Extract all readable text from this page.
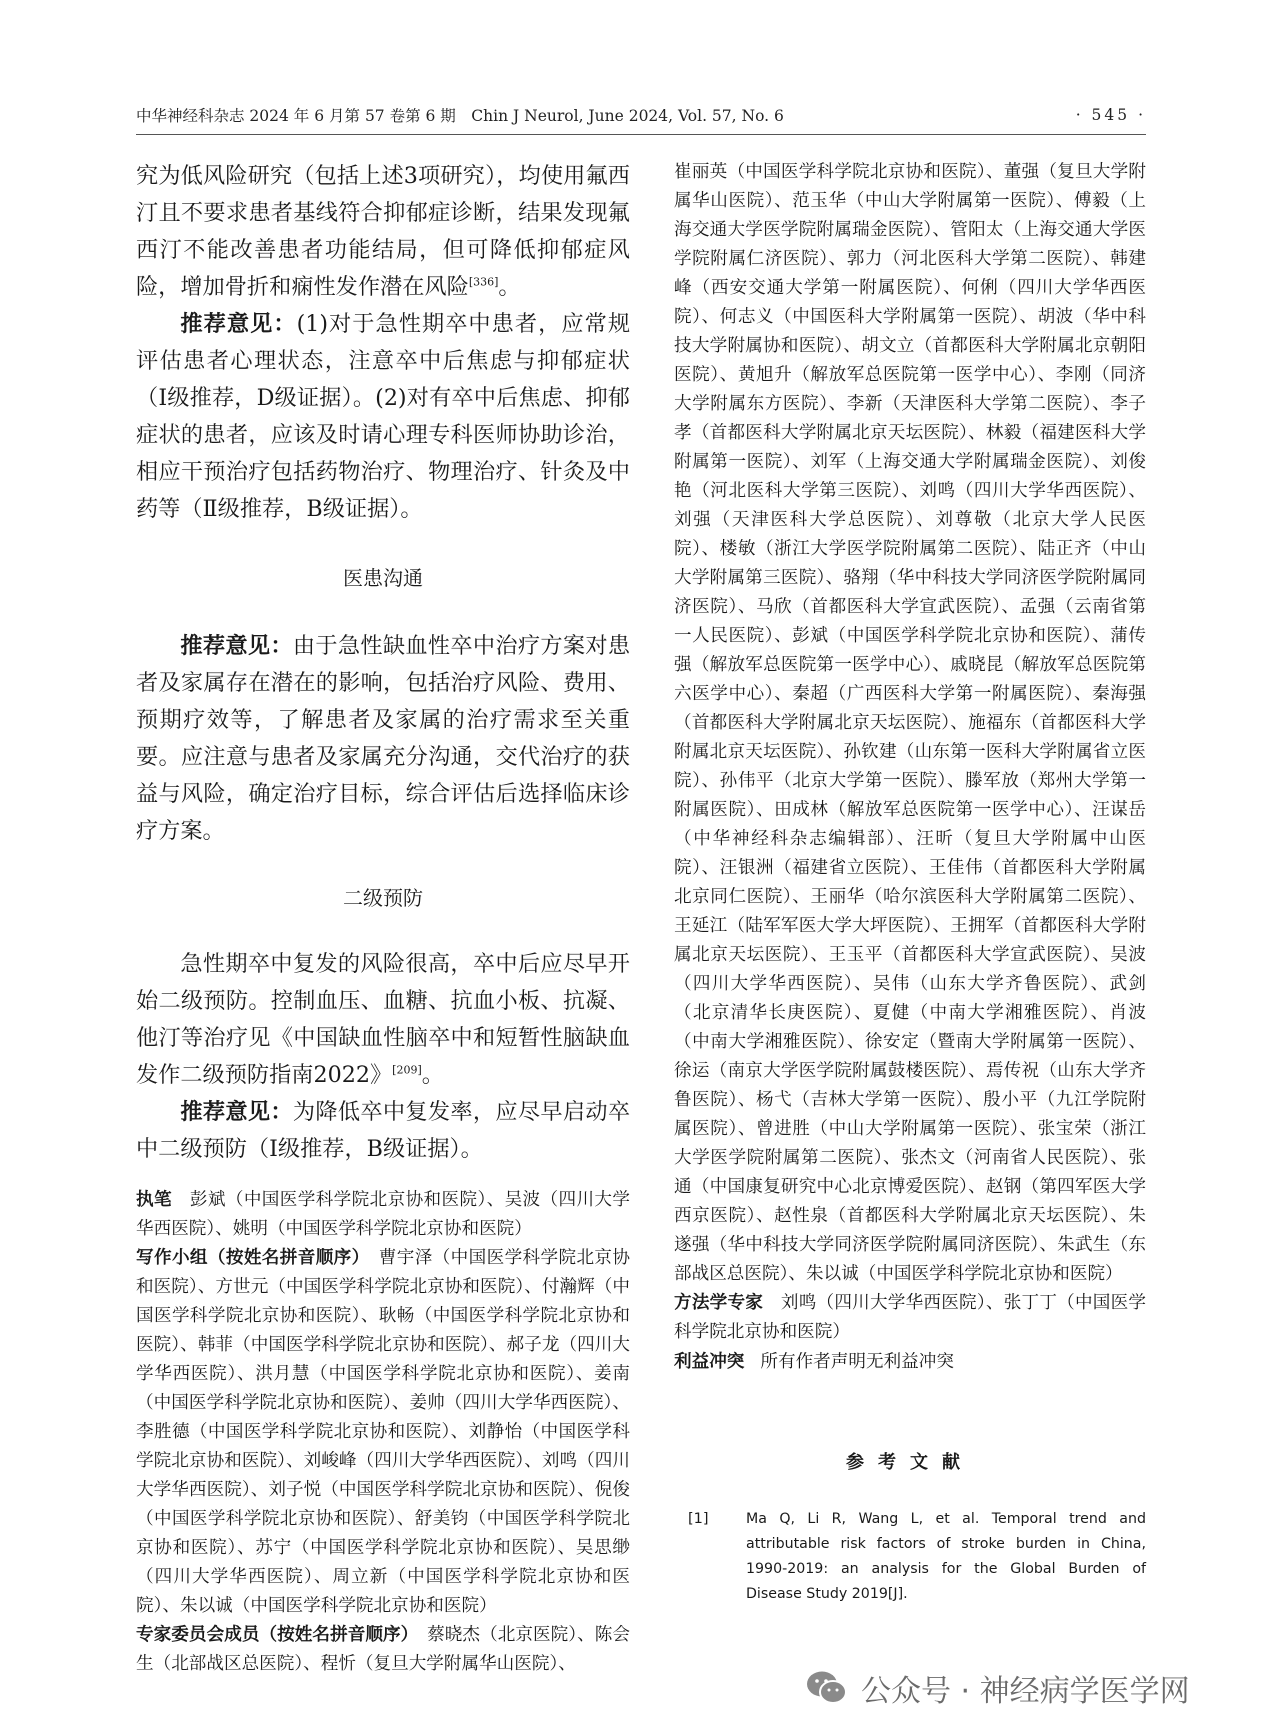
中华神经科杂志 2024 年 6 月第 57 卷第 6 期　Chin J Neurol, June 2024, Vol. 57, No. 6	· 545 ·

究为低风险研究（包括上述3项研究），均使用氟西汀且不要求患者基线符合抑郁症诊断，结果发现氟西汀不能改善患者功能结局，但可降低抑郁症风险，增加骨折和痫性发作潜在风险[336]。

推荐意见：(1)对于急性期卒中患者，应常规评估患者心理状态，注意卒中后焦虑与抑郁症状（Ⅰ级推荐，D级证据）。(2)对有卒中后焦虑、抑郁症状的患者，应该及时请心理专科医师协助诊治，相应干预治疗包括药物治疗、物理治疗、针灸及中药等（Ⅱ级推荐，B级证据）。

医患沟通

推荐意见：由于急性缺血性卒中治疗方案对患者及家属存在潜在的影响，包括治疗风险、费用、预期疗效等，了解患者及家属的治疗需求至关重要。应注意与患者及家属充分沟通，交代治疗的获益与风险，确定治疗目标，综合评估后选择临床诊疗方案。

二级预防

急性期卒中复发的风险很高，卒中后应尽早开始二级预防。控制血压、血糖、抗血小板、抗凝、他汀等治疗见《中国缺血性脑卒中和短暂性脑缺血发作二级预防指南2022》[209]。

推荐意见：为降低卒中复发率，应尽早启动卒中二级预防（Ⅰ级推荐，B级证据）。

执笔　彭斌（中国医学科学院北京协和医院）、吴波（四川大学华西医院）、姚明（中国医学科学院北京协和医院）

写作小组（按姓名拼音顺序）　曹宇泽（中国医学科学院北京协和医院）、方世元（中国医学科学院北京协和医院）、付瀚辉（中国医学科学院北京协和医院）、耿畅（中国医学科学院北京协和医院）、韩菲（中国医学科学院北京协和医院）、郝子龙（四川大学华西医院）、洪月慧（中国医学科学院北京协和医院）、姜南（中国医学科学院北京协和医院）、姜帅（四川大学华西医院）、李胜德（中国医学科学院北京协和医院）、刘静怡（中国医学科学院北京协和医院）、刘峻峰（四川大学华西医院）、刘鸣（四川大学华西医院）、刘子悦（中国医学科学院北京协和医院）、倪俊（中国医学科学院北京协和医院）、舒美钧（中国医学科学院北京协和医院）、苏宁（中国医学科学院北京协和医院）、吴思缈（四川大学华西医院）、周立新（中国医学科学院北京协和医院）、朱以诚（中国医学科学院北京协和医院）

专家委员会成员（按姓名拼音顺序）　蔡晓杰（北京医院）、陈会生（北部战区总医院）、程忻（复旦大学附属华山医院）、

崔丽英（中国医学科学院北京协和医院）、董强（复旦大学附属华山医院）、范玉华（中山大学附属第一医院）、傅毅（上海交通大学医学院附属瑞金医院）、管阳太（上海交通大学医学院附属仁济医院）、郭力（河北医科大学第二医院）、韩建峰（西安交通大学第一附属医院）、何俐（四川大学华西医院）、何志义（中国医科大学附属第一医院）、胡波（华中科技大学附属协和医院）、胡文立（首都医科大学附属北京朝阳医院）、黄旭升（解放军总医院第一医学中心）、李刚（同济大学附属东方医院）、李新（天津医科大学第二医院）、李子孝（首都医科大学附属北京天坛医院）、林毅（福建医科大学附属第一医院）、刘军（上海交通大学附属瑞金医院）、刘俊艳（河北医科大学第三医院）、刘鸣（四川大学华西医院）、刘强（天津医科大学总医院）、刘尊敬（北京大学人民医院）、楼敏（浙江大学医学院附属第二医院）、陆正齐（中山大学附属第三医院）、骆翔（华中科技大学同济医学院附属同济医院）、马欣（首都医科大学宣武医院）、孟强（云南省第一人民医院）、彭斌（中国医学科学院北京协和医院）、蒲传强（解放军总医院第一医学中心）、戚晓昆（解放军总医院第六医学中心）、秦超（广西医科大学第一附属医院）、秦海强（首都医科大学附属北京天坛医院）、施福东（首都医科大学附属北京天坛医院）、孙钦建（山东第一医科大学附属省立医院）、孙伟平（北京大学第一医院）、滕军放（郑州大学第一附属医院）、田成林（解放军总医院第一医学中心）、汪谋岳（中华神经科杂志编辑部）、汪昕（复旦大学附属中山医院）、汪银洲（福建省立医院）、王佳伟（首都医科大学附属北京同仁医院）、王丽华（哈尔滨医科大学附属第二医院）、王延江（陆军军医大学大坪医院）、王拥军（首都医科大学附属北京天坛医院）、王玉平（首都医科大学宣武医院）、吴波（四川大学华西医院）、吴伟（山东大学齐鲁医院）、武剑（北京清华长庚医院）、夏健（中南大学湘雅医院）、肖波（中南大学湘雅医院）、徐安定（暨南大学附属第一医院）、徐运（南京大学医学院附属鼓楼医院）、焉传祝（山东大学齐鲁医院）、杨弋（吉林大学第一医院）、殷小平（九江学院附属医院）、曾进胜（中山大学附属第一医院）、张宝荣（浙江大学医学院附属第二医院）、张杰文（河南省人民医院）、张通（中国康复研究中心北京博爱医院）、赵钢（第四军医大学西京医院）、赵性泉（首都医科大学附属北京天坛医院）、朱遂强（华中科技大学同济医学院附属同济医院）、朱武生（东部战区总医院）、朱以诚（中国医学科学院北京协和医院）

方法学专家　刘鸣（四川大学华西医院）、张丁丁（中国医学科学院北京协和医院）

利益冲突 所有作者声明无利益冲突

参考文献

[1]	Ma Q, Li R, Wang L, et al. Temporal trend and attributable risk factors of stroke burden in China, 1990-2019: an analysis for the Global Burden of Disease Study 2019[J].
公众号 · 神经病学医学网
